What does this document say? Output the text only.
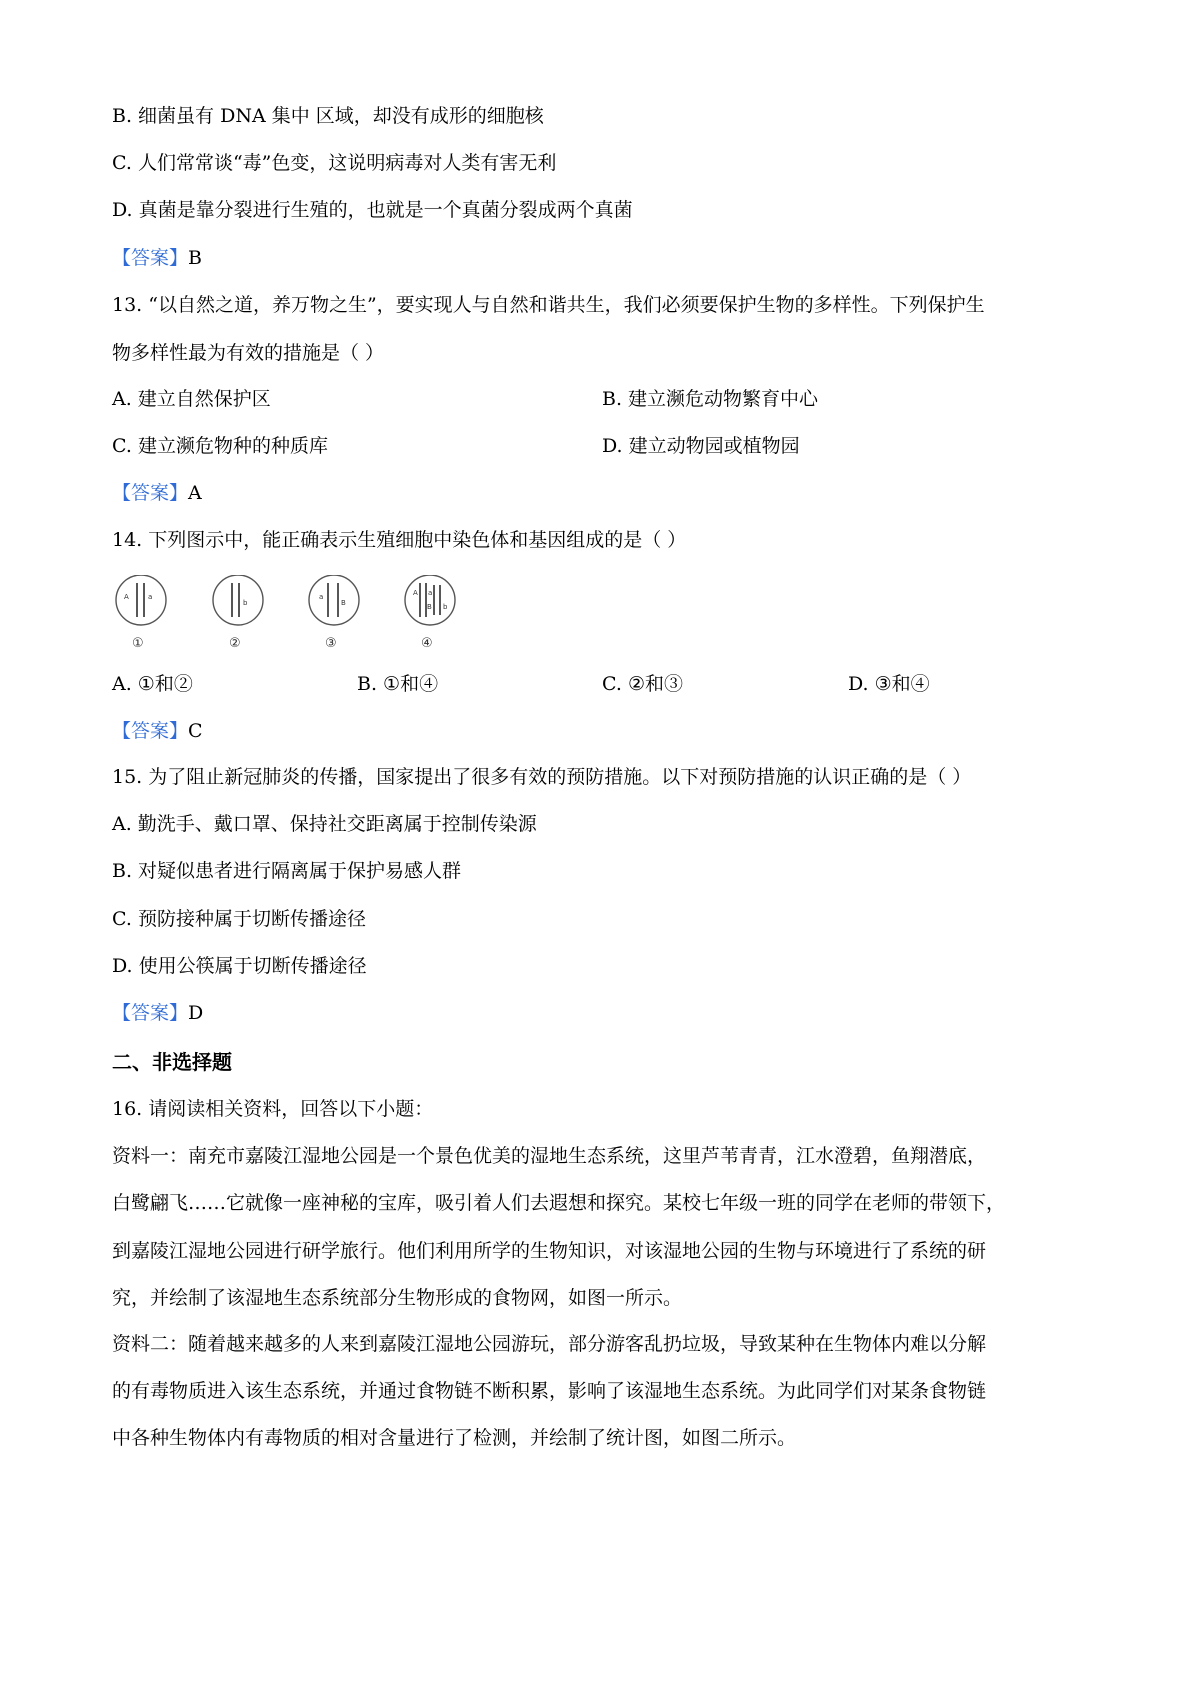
B. 细菌虽有 DNA 集中 区域，却没有成形的细胞核
C. 人们常常谈“毒”色变，这说明病毒对人类有害无利
D. 真菌是靠分裂进行生殖的，也就是一个真菌分裂成两个真菌
【答案】B
13. “以自然之道，养万物之生”，要实现人与自然和谐共生，我们必须要保护生物的多样性。下列保护生
物多样性最为有效的措施是（ ）
A. 建立自然保护区	B. 建立濒危动物繁育中心
C. 建立濒危物种的种质库	D. 建立动物园或植物园
【答案】A
14. 下列图示中，能正确表示生殖细胞中染色体和基因组成的是（ ）
A	a
①
b
②
a
B
③
A a
B b
④
A. ①和②	B. ①和④	C. ②和③	D. ③和④
【答案】C
15. 为了阻止新冠肺炎的传播，国家提出了很多有效的预防措施。以下对预防措施的认识正确的是（ ）
A. 勤洗手、戴口罩、保持社交距离属于控制传染源
B. 对疑似患者进行隔离属于保护易感人群
C. 预防接种属于切断传播途径
D. 使用公筷属于切断传播途径
【答案】D
二、非选择题
16. 请阅读相关资料，回答以下小题：
资料一：南充市嘉陵江湿地公园是一个景色优美的湿地生态系统，这里芦苇青青，江水澄碧，鱼翔潜底，
白鹭翩飞……它就像一座神秘的宝库，吸引着人们去遐想和探究。某校七年级一班的同学在老师的带领下，
到嘉陵江湿地公园进行研学旅行。他们利用所学的生物知识，对该湿地公园的生物与环境进行了系统的研
究，并绘制了该湿地生态系统部分生物形成的食物网，如图一所示。
资料二：随着越来越多的人来到嘉陵江湿地公园游玩，部分游客乱扔垃圾，导致某种在生物体内难以分解
的有毒物质进入该生态系统，并通过食物链不断积累，影响了该湿地生态系统。为此同学们对某条食物链
中各种生物体内有毒物质的相对含量进行了检测，并绘制了统计图，如图二所示。
